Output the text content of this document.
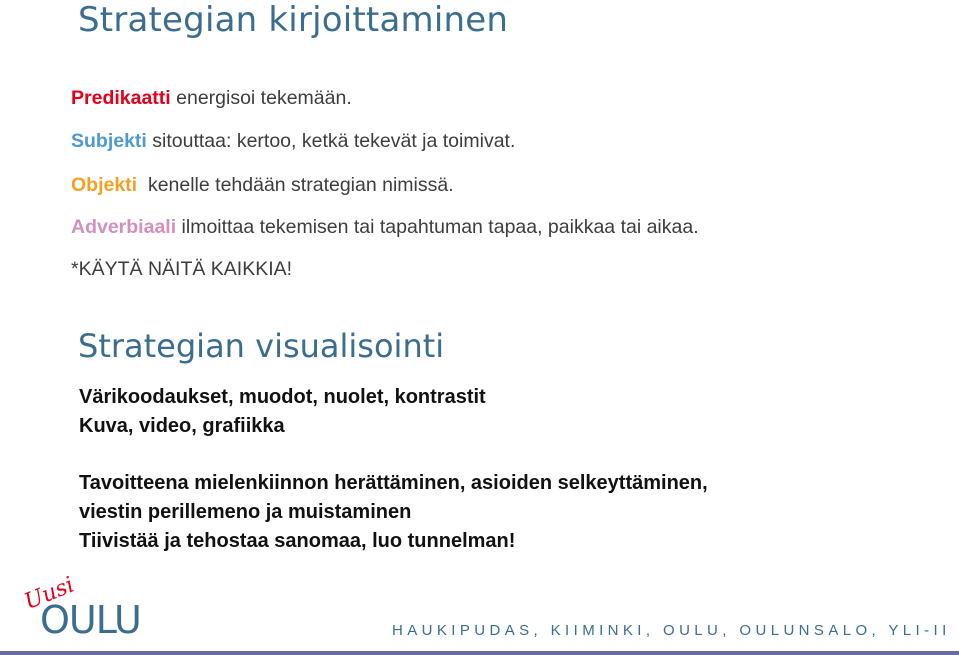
Strategian kirjoittaminen
Predikaatti energisoi tekemään.
Subjekti sitouttaa: kertoo, ketkä tekevät ja toimivat.
Objekti  kenelle tehdään strategian nimissä.
Adverbiaali ilmoittaa tekemisen tai tapahtuman tapaa, paikkaa tai aikaa.
*KÄYTÄ NÄITÄ KAIKKIA!
Strategian visualisointi
Värikoodaukset, muodot, nuolet, kontrastit
Kuva, video, grafiikka
Tavoitteena mielenkiinnon herättäminen, asioiden selkeyttäminen,
viestin perillemeno ja muistaminen
Tiivistää ja tehostaa sanomaa, luo tunnelman!
Uusi
OULU	HAUKIPUDAS, KIIMINKI, OULU, OULUNSALO, YLI-II
